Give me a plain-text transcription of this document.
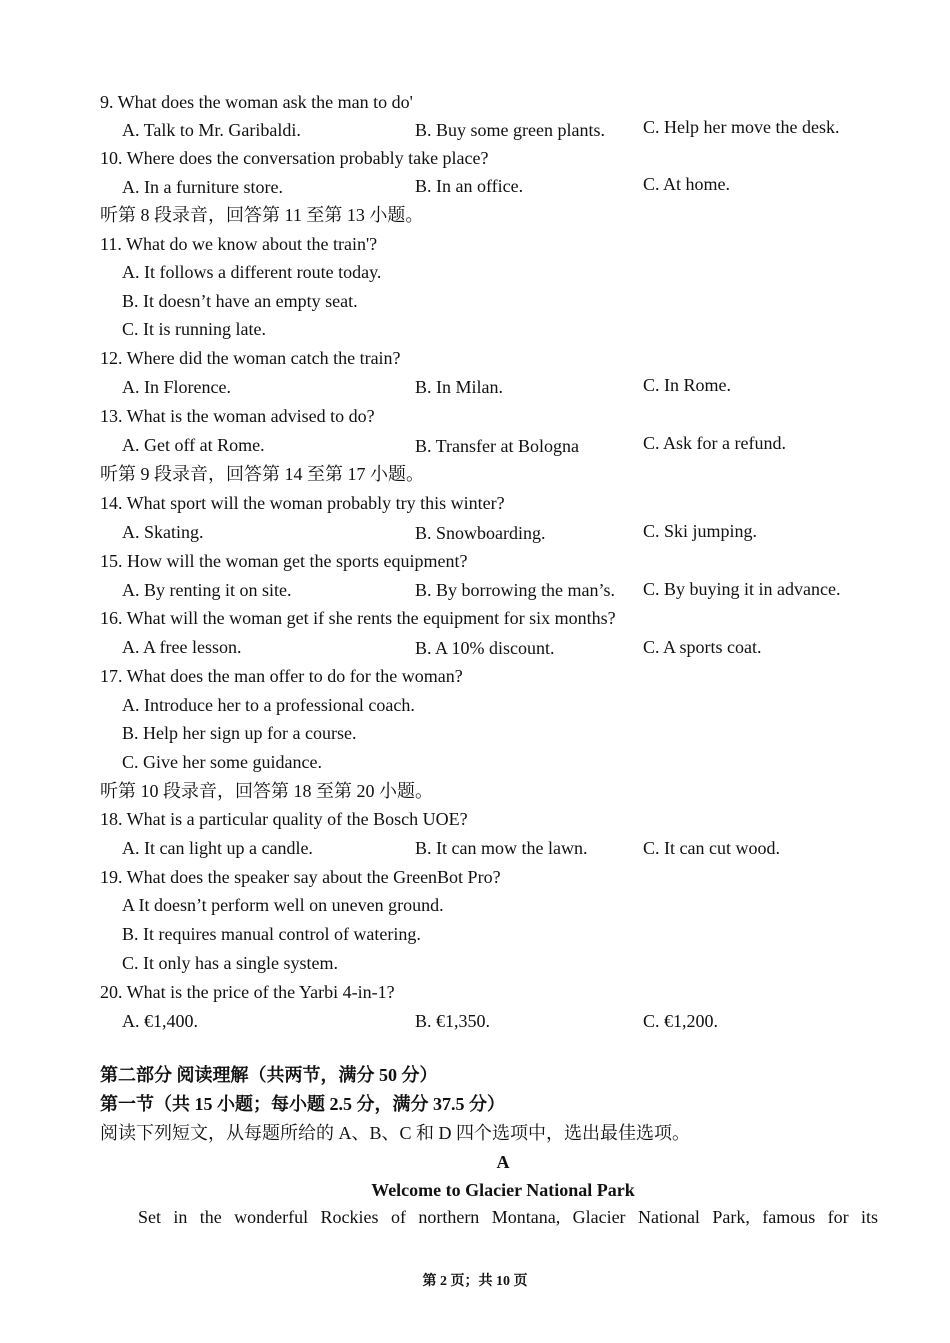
9. What does the woman ask the man to do'
A. Talk to Mr. Garibaldi.	B. Buy some green plants. C. Help her move the desk.
10. Where does the conversation probably take place?
A. In a furniture store.	B. In an office.	C. At home.
听第 8 段录音，回答第 11 至第 13 小题。
11. What do we know about the train'?
A. It follows a different route today.
B. It doesn’t have an empty seat.
C. It is running late.
12. Where did the woman catch the train?
A. In Florence.	B. In Milan.	C. In Rome.
13. What is the woman advised to do?
A. Get off at Rome.	B. Transfer at Bologna	C. Ask for a refund.
听第 9 段录音，回答第 14 至第 17 小题。
14. What sport will the woman probably try this winter?
A. Skating.	B. Snowboarding.	C. Ski jumping.
15. How will the woman get the sports equipment?
A. By renting it on site.	B. By borrowing the man’s. C. By buying it in advance.
16. What will the woman get if she rents the equipment for six months?
A. A free lesson.	B. A 10% discount.	C. A sports coat.
17. What does the man offer to do for the woman?
A. Introduce her to a professional coach.
B. Help her sign up for a course.
C. Give her some guidance.
听第 10 段录音，回答第 18 至第 20 小题。
18. What is a particular quality of the Bosch UOE?
A. It can light up a candle.	B. It can mow the lawn.	C. It can cut wood.
19. What does the speaker say about the GreenBot Pro?
A It doesn’t perform well on uneven ground.
B. It requires manual control of watering.
C. It only has a single system.
20. What is the price of the Yarbi 4-in-1?
A. €1,400.	B. €1,350.	C. €1,200.
第二部分 阅读理解（共两节，满分 50 分）
第一节（共 15 小题；每小题 2.5 分，满分 37.5 分）
阅读下列短文，从每题所给的 A、B、C 和 D 四个选项中，选出最佳选项。
A
Welcome to Glacier National Park
Set in the wonderful Rockies of northern Montana, Glacier National Park, famous for its
第 2 页；共 10 页
